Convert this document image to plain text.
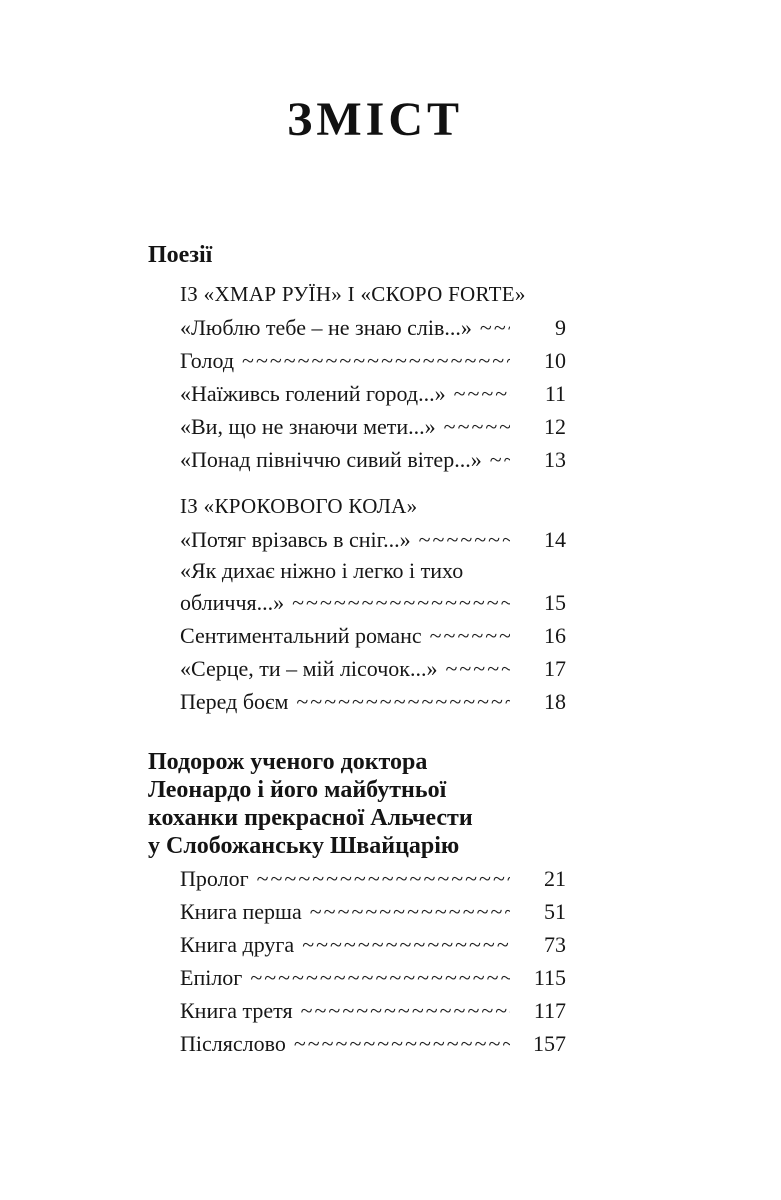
ЗМІСТ
Поезії
ІЗ «ХМАР РУЇН» І «СКОРО FORTE»
«Люблю тебе – не знаю слів...» ~~~~~	9
Голод ~~~~~	10
«Наїживсь голений город...» ~~~~~	11
«Ви, що не знаючи мети...» ~~~~~	12
«Понад північчю сивий вітер...» ~~~~~	13
ІЗ «КРОКОВОГО КОЛА»
«Потяг врізавсь в сніг...» ~~~~~	14
«Як дихає ніжно і легко і тихо
обличчя...» ~~~~~	15
Сентиментальний романс ~~~~~	16
«Серце, ти – мій лісочок...» ~~~~~	17
Перед боєм ~~~~~	18
Подорож ученого доктора
Леонардо і його майбутньої
коханки прекрасної Альчести
у Слобожанську Швайцарію
Пролог ~~~~~	21
Книга перша ~~~~~	51
Книга друга ~~~~~	73
Епілог ~~~~~	115
Книга третя ~~~~~	117
Післяслово ~~~~~	157
